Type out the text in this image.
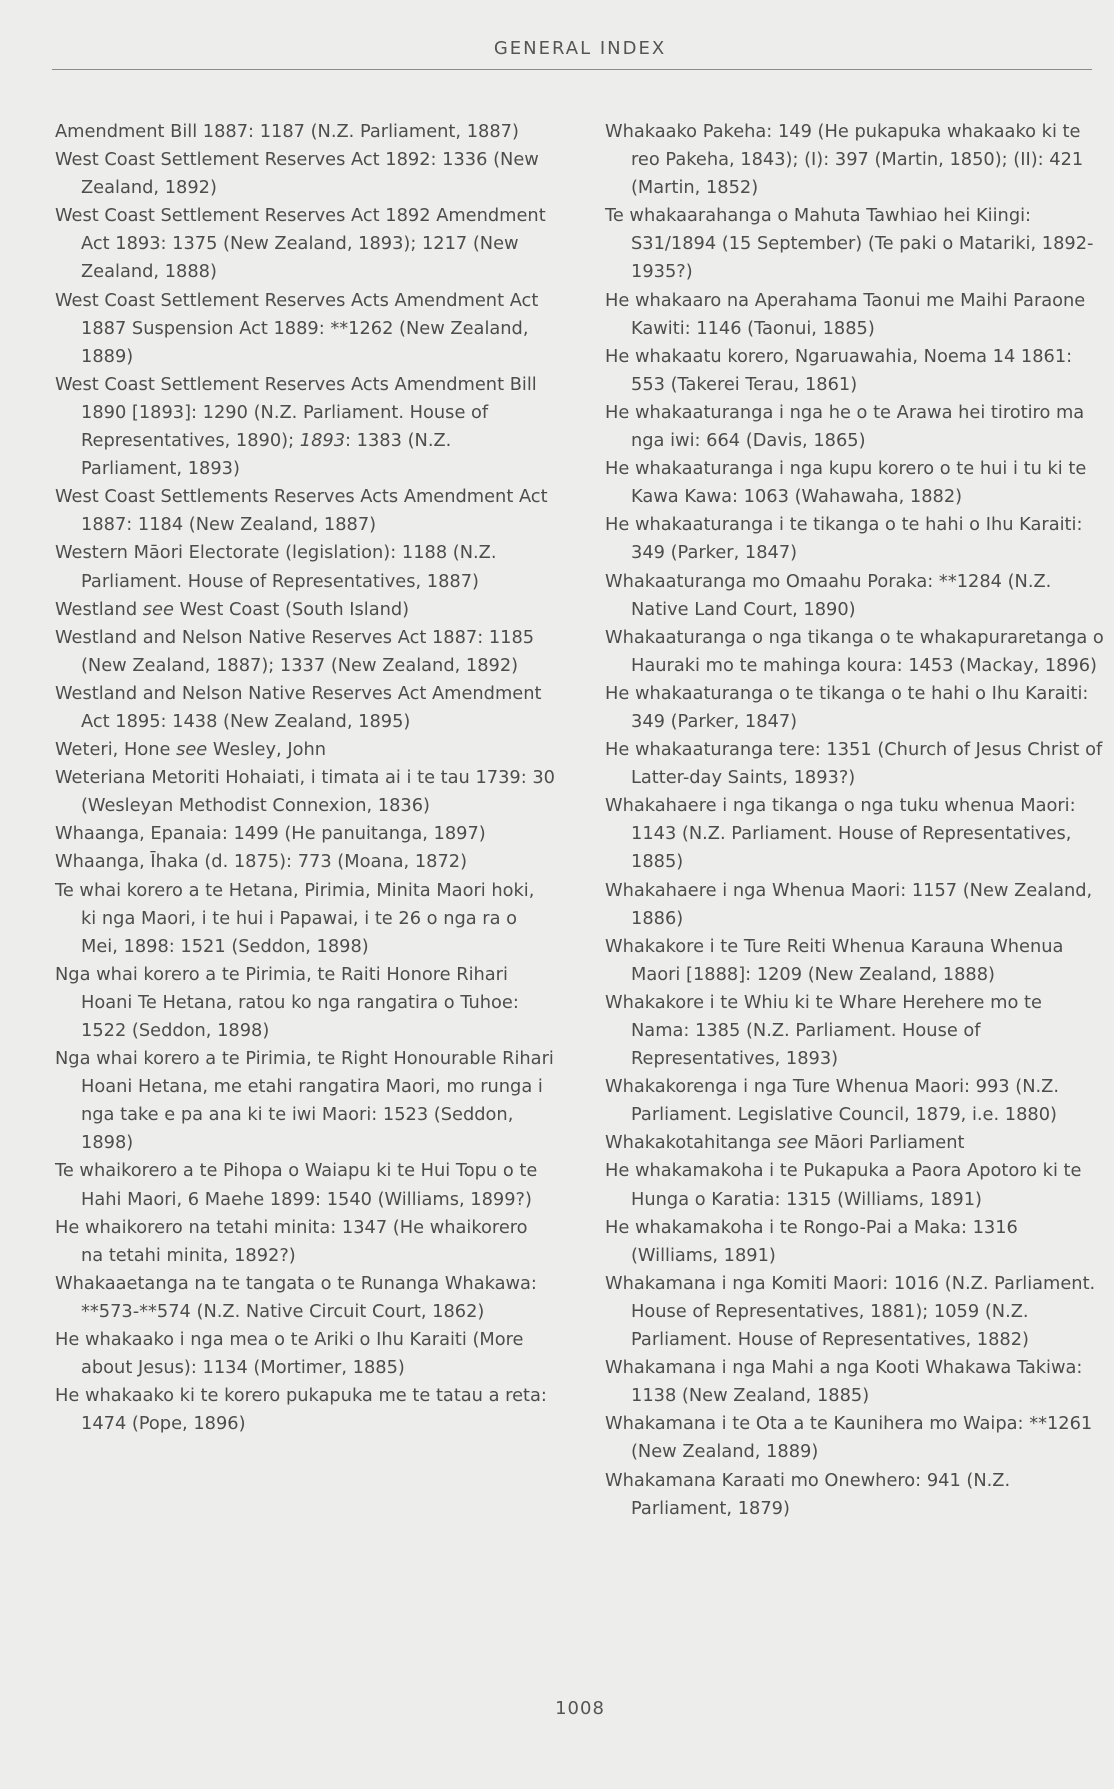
GENERAL INDEX

Amendment Bill 1887: 1187 (N.Z. Parliament, 1887)

West Coast Settlement Reserves Act 1892: 1336 (New Zealand, 1892)

West Coast Settlement Reserves Act 1892 Amendment Act 1893: 1375 (New Zealand, 1893); 1217 (New Zealand, 1888)

West Coast Settlement Reserves Acts Amendment Act 1887 Suspension Act 1889: **1262 (New Zealand, 1889)

West Coast Settlement Reserves Acts Amendment Bill 1890 [1893]: 1290 (N.Z. Parliament. House of Representatives, 1890); 1893: 1383 (N.Z. Parliament, 1893)

West Coast Settlements Reserves Acts Amendment Act 1887: 1184 (New Zealand, 1887)

Western Māori Electorate (legislation): 1188 (N.Z. Parliament. House of Representatives, 1887)

Westland see West Coast (South Island)

Westland and Nelson Native Reserves Act 1887: 1185 (New Zealand, 1887); 1337 (New Zealand, 1892)

Westland and Nelson Native Reserves Act Amendment Act 1895: 1438 (New Zealand, 1895)

Weteri, Hone see Wesley, John

Weteriana Metoriti Hohaiati, i timata ai i te tau 1739: 30 (Wesleyan Methodist Connexion, 1836)

Whaanga, Epanaia: 1499 (He panuitanga, 1897)

Whaanga, Īhaka (d. 1875): 773 (Moana, 1872)

Te whai korero a te Hetana, Pirimia, Minita Maori hoki, ki nga Maori, i te hui i Papawai, i te 26 o nga ra o Mei, 1898: 1521 (Seddon, 1898)

Nga whai korero a te Pirimia, te Raiti Honore Rihari Hoani Te Hetana, ratou ko nga rangatira o Tuhoe: 1522 (Seddon, 1898)

Nga whai korero a te Pirimia, te Right Honourable Rihari Hoani Hetana, me etahi rangatira Maori, mo runga i nga take e pa ana ki te iwi Maori: 1523 (Seddon, 1898)

Te whaikorero a te Pihopa o Waiapu ki te Hui Topu o te Hahi Maori, 6 Maehe 1899: 1540 (Williams, 1899?)

He whaikorero na tetahi minita: 1347 (He whaikorero na tetahi minita, 1892?)

Whakaaetanga na te tangata o te Runanga Whakawa: **573-**574 (N.Z. Native Circuit Court, 1862)

He whakaako i nga mea o te Ariki o Ihu Karaiti (More about Jesus): 1134 (Mortimer, 1885)

He whakaako ki te korero pukapuka me te tatau a reta: 1474 (Pope, 1896)

Whakaako Pakeha: 149 (He pukapuka whakaako ki te reo Pakeha, 1843); (I): 397 (Martin, 1850); (II): 421 (Martin, 1852)

Te whakaarahanga o Mahuta Tawhiao hei Kiingi: S31/1894 (15 September) (Te paki o Matariki, 1892-1935?)

He whakaaro na Aperahama Taonui me Maihi Paraone Kawiti: 1146 (Taonui, 1885)

He whakaatu korero, Ngaruawahia, Noema 14 1861: 553 (Takerei Terau, 1861)

He whakaaturanga i nga he o te Arawa hei tirotiro ma nga iwi: 664 (Davis, 1865)

He whakaaturanga i nga kupu korero o te hui i tu ki te Kawa Kawa: 1063 (Wahawaha, 1882)

He whakaaturanga i te tikanga o te hahi o Ihu Karaiti: 349 (Parker, 1847)

Whakaaturanga mo Omaahu Poraka: **1284 (N.Z. Native Land Court, 1890)

Whakaaturanga o nga tikanga o te whakapuraretanga o Hauraki mo te mahinga koura: 1453 (Mackay, 1896)

He whakaaturanga o te tikanga o te hahi o Ihu Karaiti: 349 (Parker, 1847)

He whakaaturanga tere: 1351 (Church of Jesus Christ of Latter-day Saints, 1893?)

Whakahaere i nga tikanga o nga tuku whenua Maori: 1143 (N.Z. Parliament. House of Representatives, 1885)

Whakahaere i nga Whenua Maori: 1157 (New Zealand, 1886)

Whakakore i te Ture Reiti Whenua Karauna Whenua Maori [1888]: 1209 (New Zealand, 1888)

Whakakore i te Whiu ki te Whare Herehere mo te Nama: 1385 (N.Z. Parliament. House of Representatives, 1893)

Whakakorenga i nga Ture Whenua Maori: 993 (N.Z. Parliament. Legislative Council, 1879, i.e. 1880)

Whakakotahitanga see Māori Parliament

He whakamakoha i te Pukapuka a Paora Apotoro ki te Hunga o Karatia: 1315 (Williams, 1891)

He whakamakoha i te Rongo-Pai a Maka: 1316 (Williams, 1891)

Whakamana i nga Komiti Maori: 1016 (N.Z. Parliament. House of Representatives, 1881); 1059 (N.Z. Parliament. House of Representatives, 1882)

Whakamana i nga Mahi a nga Kooti Whakawa Takiwa: 1138 (New Zealand, 1885)

Whakamana i te Ota a te Kaunihera mo Waipa: **1261 (New Zealand, 1889)

Whakamana Karaati mo Onewhero: 941 (N.Z. Parliament, 1879)

1008
